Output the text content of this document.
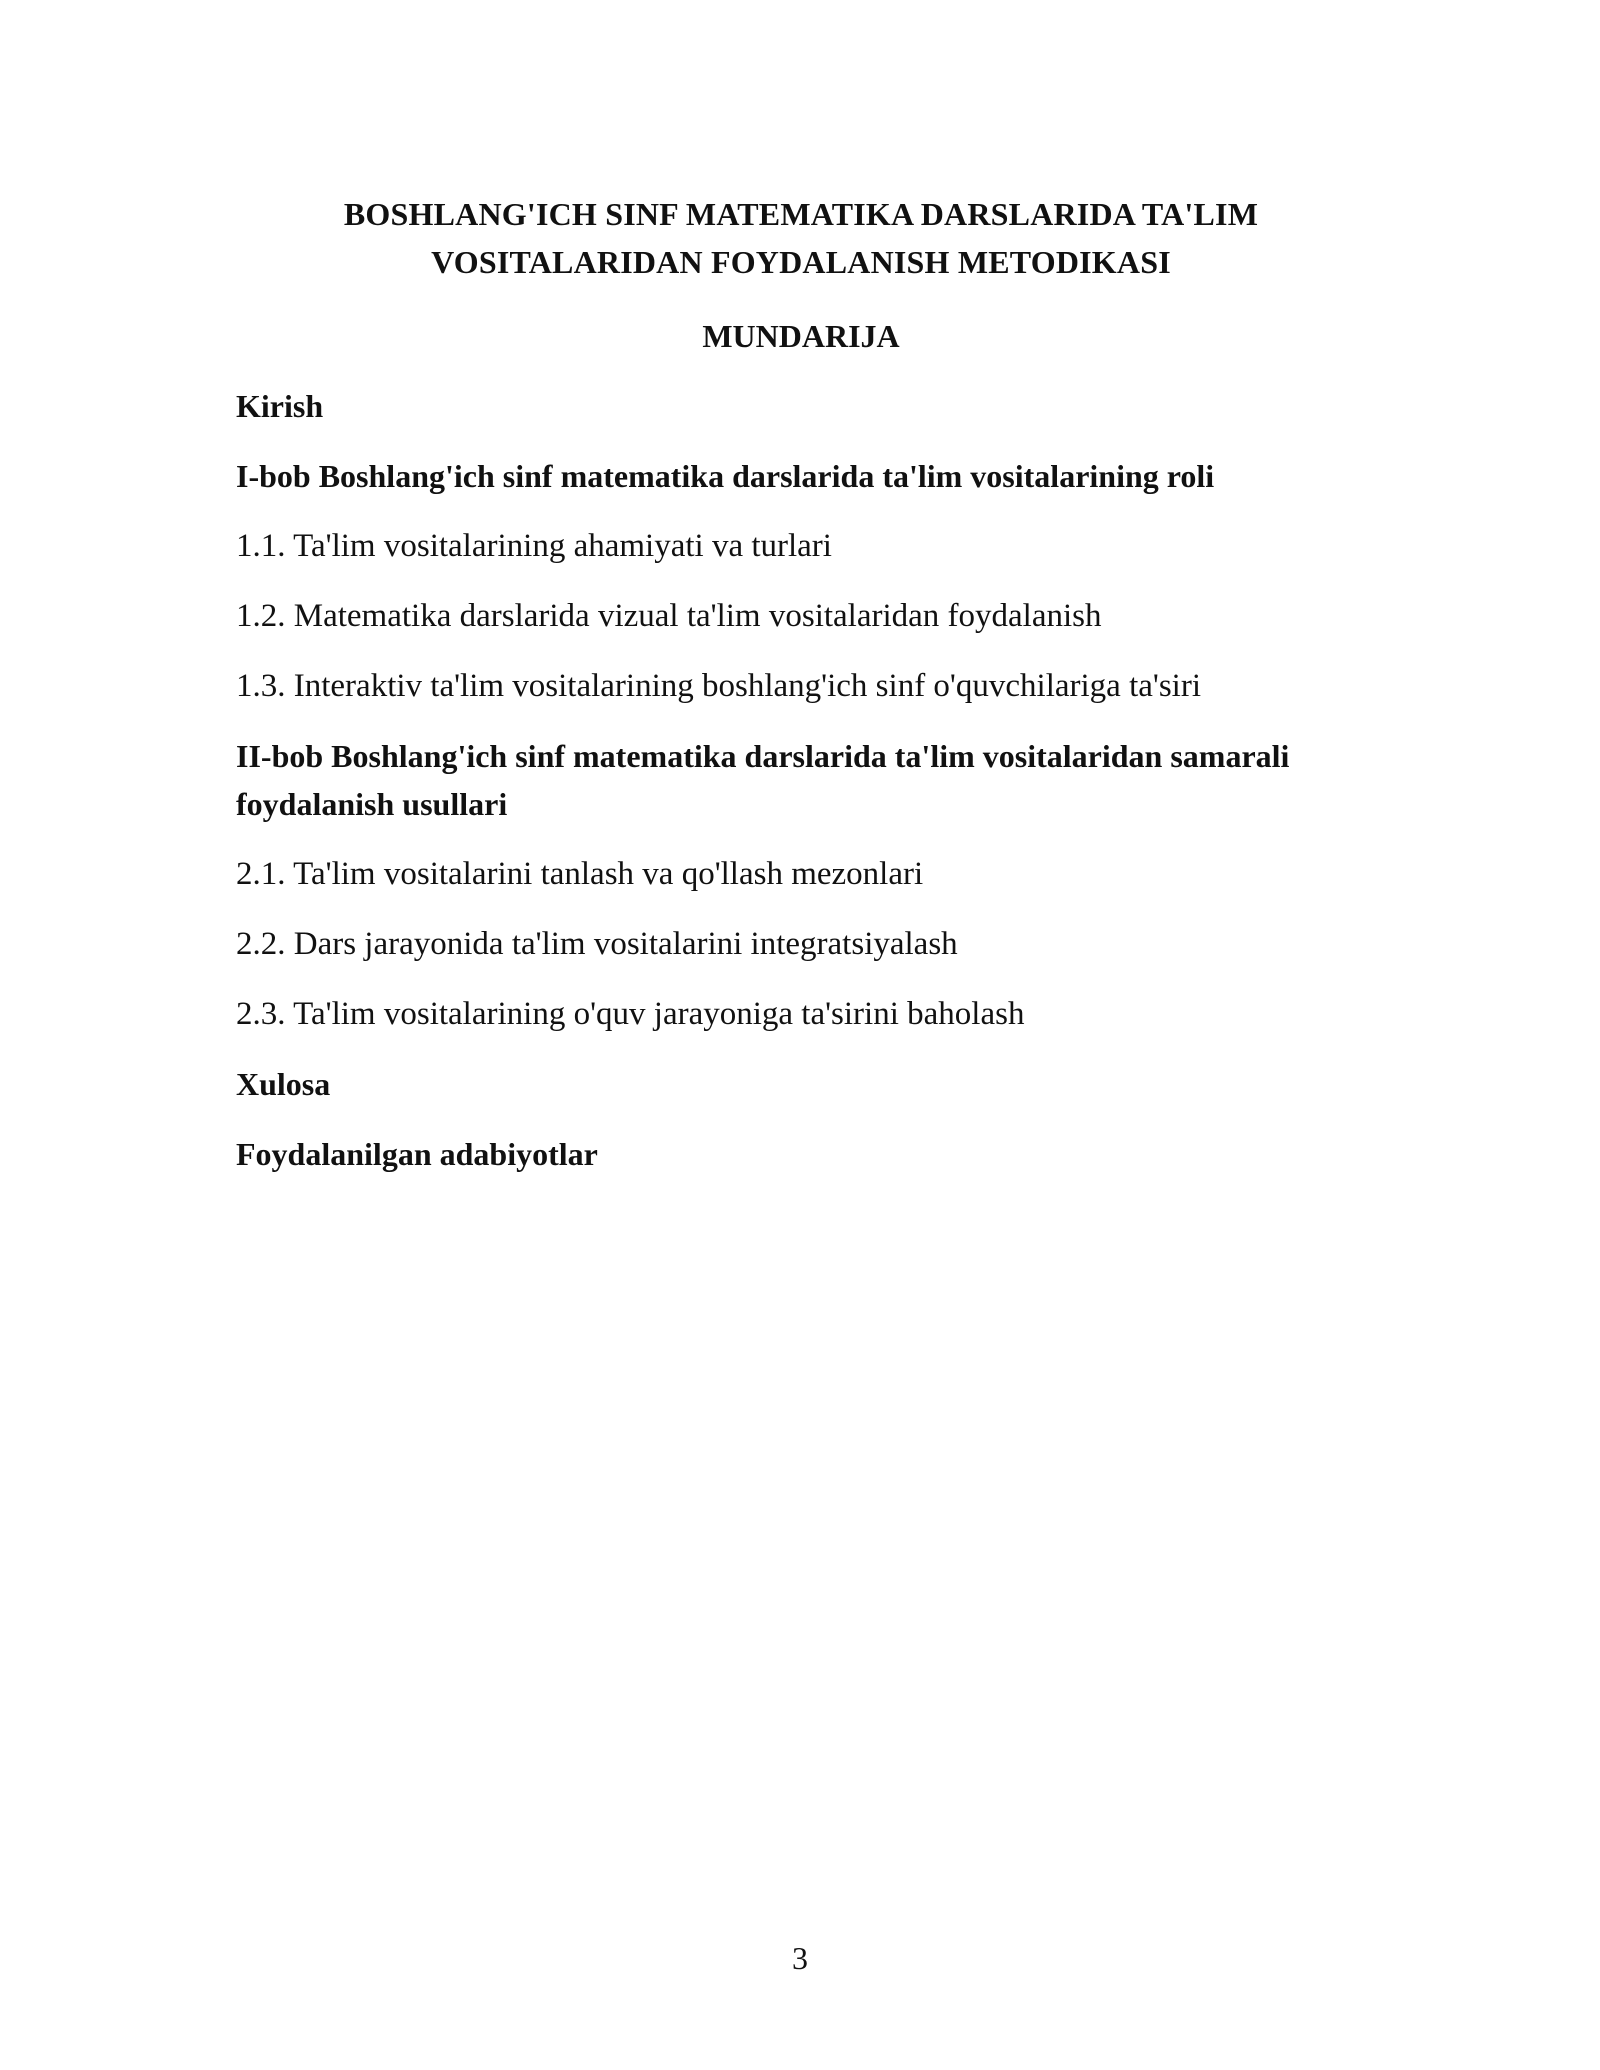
BOSHLANG'ICH SINF MATEMATIKA DARSLARIDA TA'LIM
VOSITALARIDAN FOYDALANISH METODIKASI
MUNDARIJA
Kirish
I-bob Boshlang'ich sinf matematika darslarida ta'lim vositalarining roli
1.1. Ta'lim vositalarining ahamiyati va turlari
1.2. Matematika darslarida vizual ta'lim vositalaridan foydalanish
1.3. Interaktiv ta'lim vositalarining boshlang'ich sinf o'quvchilariga ta'siri
II-bob Boshlang'ich sinf matematika darslarida ta'lim vositalaridan samarali foydalanish usullari
2.1. Ta'lim vositalarini tanlash va qo'llash mezonlari
2.2. Dars jarayonida ta'lim vositalarini integratsiyalash
2.3. Ta'lim vositalarining o'quv jarayoniga ta'sirini baholash
Xulosa
Foydalanilgan adabiyotlar
3
